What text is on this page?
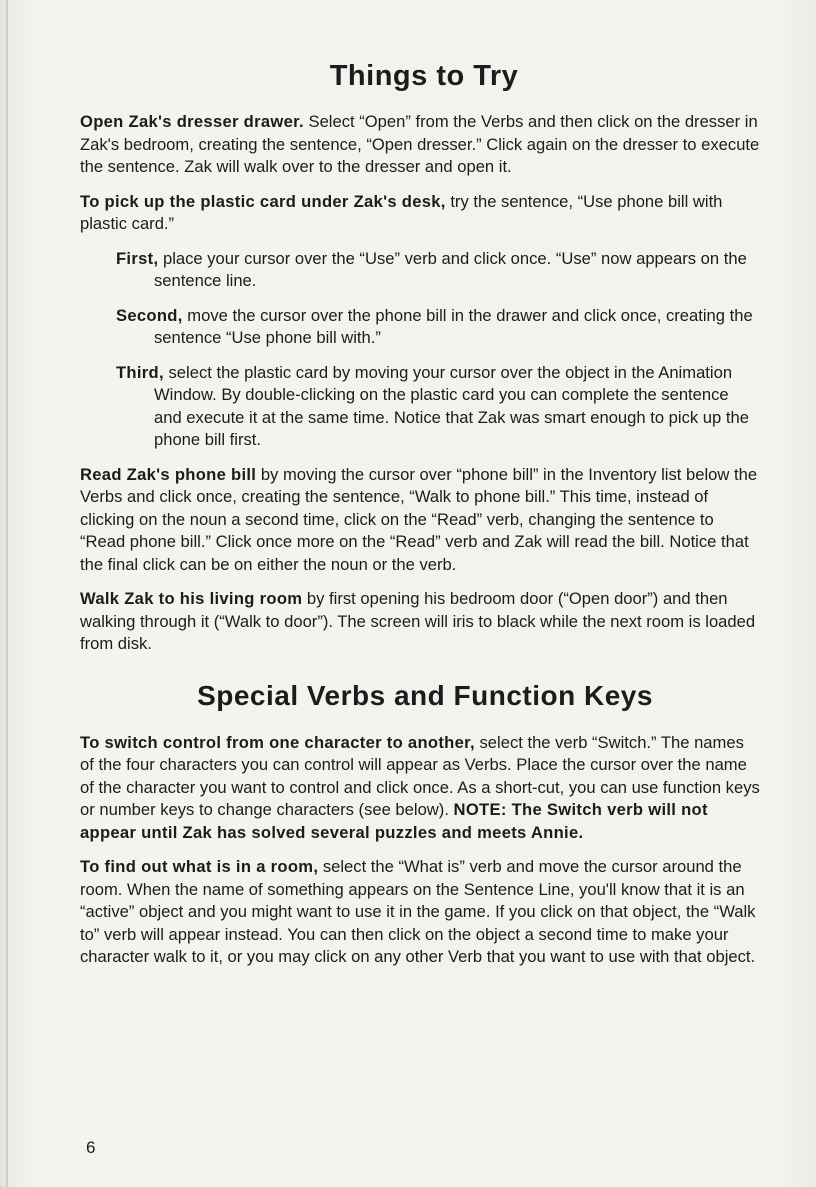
Things to Try

Open Zak's dresser drawer. Select “Open” from the Verbs and then click on the dresser in Zak's bedroom, creating the sentence, “Open dresser.” Click again on the dresser to execute the sentence. Zak will walk over to the dresser and open it.

To pick up the plastic card under Zak's desk, try the sentence, “Use phone bill with plastic card.”

First, place your cursor over the “Use” verb and click once. “Use” now appears on the sentence line.

Second, move the cursor over the phone bill in the drawer and click once, creating the sentence “Use phone bill with.”

Third, select the plastic card by moving your cursor over the object in the Animation Window. By double-clicking on the plastic card you can complete the sentence and execute it at the same time. Notice that Zak was smart enough to pick up the phone bill first.

Read Zak's phone bill by moving the cursor over “phone bill” in the Inventory list below the Verbs and click once, creating the sentence, “Walk to phone bill.” This time, instead of clicking on the noun a second time, click on the “Read” verb, changing the sentence to “Read phone bill.” Click once more on the “Read” verb and Zak will read the bill. Notice that the final click can be on either the noun or the verb.

Walk Zak to his living room by first opening his bedroom door (“Open door”) and then walking through it (“Walk to door”). The screen will iris to black while the next room is loaded from disk.

Special Verbs and Function Keys

To switch control from one character to another, select the verb “Switch.” The names of the four characters you can control will appear as Verbs. Place the cursor over the name of the character you want to control and click once. As a short-cut, you can use function keys or number keys to change characters (see below). NOTE: The Switch verb will not appear until Zak has solved several puzzles and meets Annie.

To find out what is in a room, select the “What is” verb and move the cursor around the room. When the name of something appears on the Sentence Line, you'll know that it is an “active” object and you might want to use it in the game. If you click on that object, the “Walk to” verb will appear instead. You can then click on the object a second time to make your character walk to it, or you may click on any other Verb that you want to use with that object.

6
